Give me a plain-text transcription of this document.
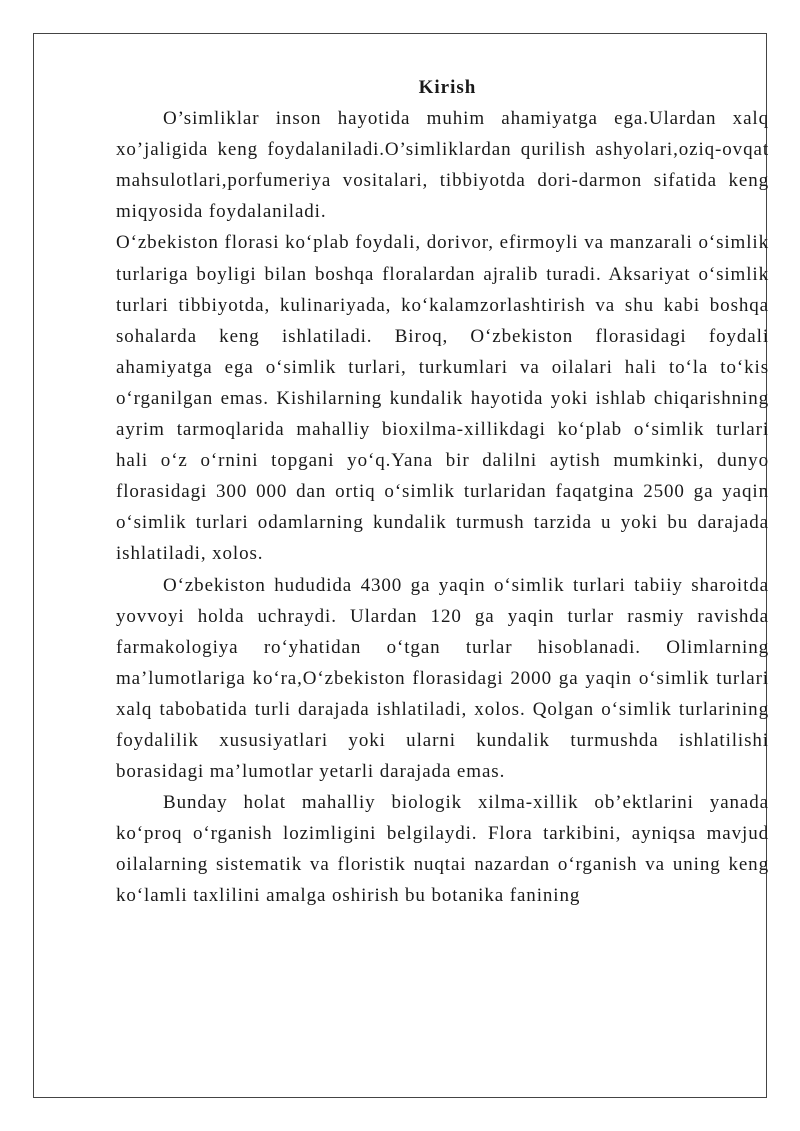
Kirish

O’simliklar inson hayotida muhim ahamiyatga ega.Ulardan xalq xo’jaligida keng foydalaniladi.O’simliklardan qurilish ashyolari,oziq-ovqat mahsulotlari,porfumeriya vositalari, tibbiyotda dori-darmon sifatida keng miqyosida foydalaniladi.

O‘zbekiston florasi ko‘plab foydali, dorivor, efirmoyli va manzarali o‘simlik turlariga boyligi bilan boshqa floralardan ajralib turadi. Aksariyat o‘simlik turlari tibbiyotda, kulinariyada, ko‘kalamzorlashtirish va shu kabi boshqa sohalarda keng ishlatiladi. Biroq, O‘zbekiston florasidagi foydali ahamiyatga ega o‘simlik turlari, turkumlari va oilalari hali to‘la to‘kis o‘rganilgan emas. Kishilarning kundalik hayotida yoki ishlab chiqarishning ayrim tarmoqlarida mahalliy bioxilma-xillikdagi ko‘plab o‘simlik turlari hali o‘z o‘rnini topgani yo‘q.Yana bir dalilni aytish mumkinki, dunyo florasidagi 300 000 dan ortiq o‘simlik turlaridan faqatgina 2500 ga yaqin o‘simlik turlari odamlarning kundalik turmush tarzida u yoki bu darajada ishlatiladi, xolos.

O‘zbekiston hududida 4300 ga yaqin o‘simlik turlari tabiiy sharoitda yovvoyi holda uchraydi. Ulardan 120 ga yaqin turlar rasmiy ravishda farmakologiya ro‘yhatidan o‘tgan turlar hisoblanadi. Olimlarning ma’lumotlariga ko‘ra,O‘zbekiston florasidagi 2000 ga yaqin o‘simlik turlari xalq tabobatida turli darajada ishlatiladi, xolos. Qolgan o‘simlik turlarining foydalilik xususiyatlari yoki ularni kundalik turmushda ishlatilishi borasidagi ma’lumotlar yetarli darajada emas.

Bunday holat mahalliy biologik xilma-xillik ob’ektlarini yanada ko‘proq o‘rganish lozimligini belgilaydi. Flora tarkibini, ayniqsa mavjud oilalarning sistematik va floristik nuqtai nazardan o‘rganish va uning keng ko‘lamli taxlilini amalga oshirish bu botanika fanining
